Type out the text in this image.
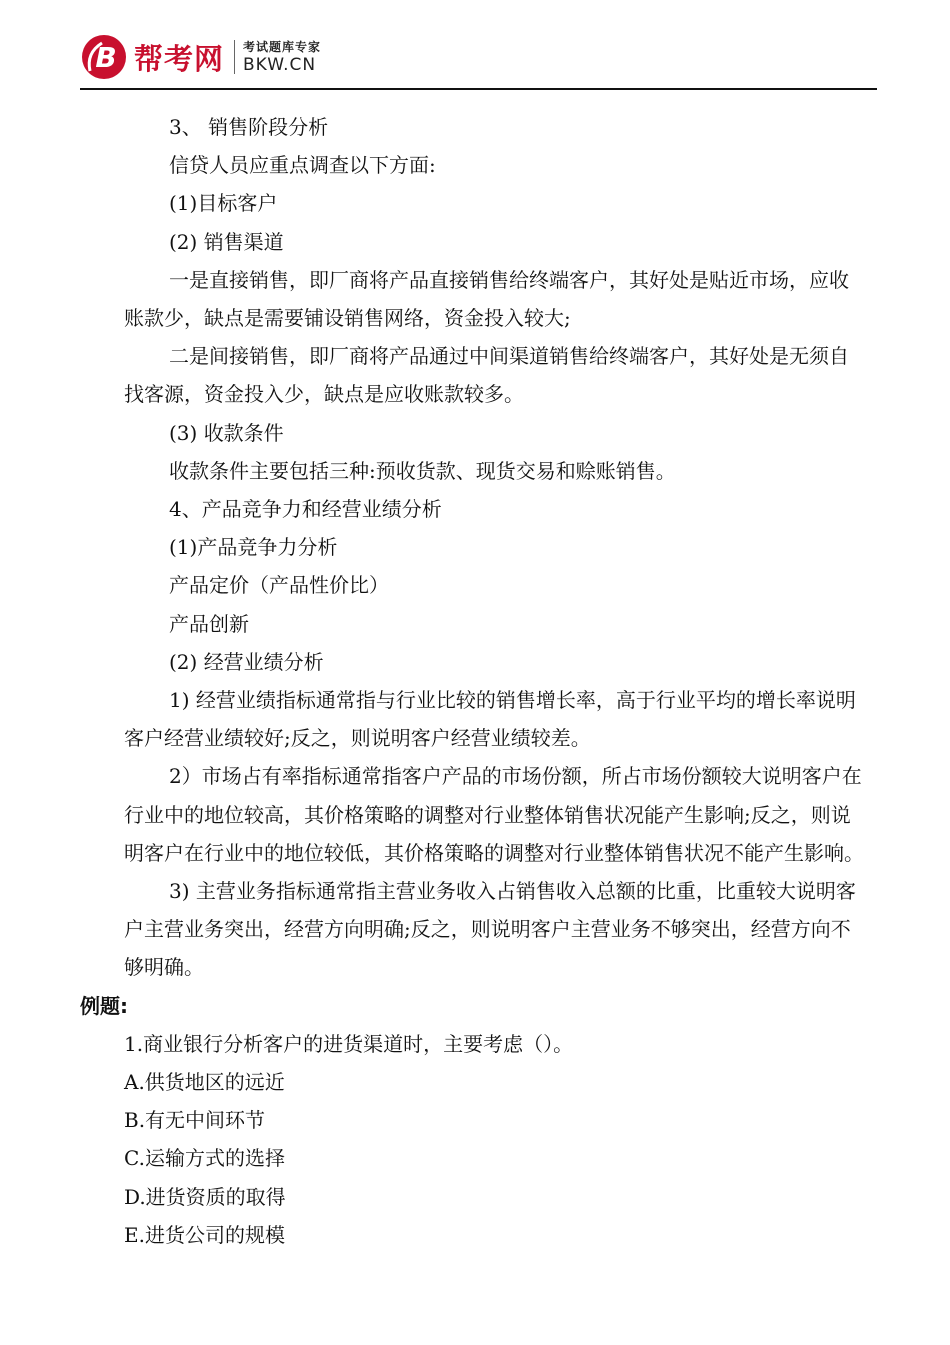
B 帮考网 考试题库专家
BKW.CN
3、 销售阶段分析
信贷人员应重点调查以下方面:
(1)目标客户
(2) 销售渠道
一是直接销售，即厂商将产品直接销售给终端客户，其好处是贴近市场，应收账款少，缺点是需要铺设销售网络，资金投入较大;
二是间接销售，即厂商将产品通过中间渠道销售给终端客户，其好处是无须自找客源，资金投入少，缺点是应收账款较多。
(3) 收款条件
收款条件主要包括三种:预收货款、现货交易和赊账销售。
4、产品竞争力和经营业绩分析
(1)产品竞争力分析
产品定价（产品性价比）
产品创新
(2) 经营业绩分析
1) 经营业绩指标通常指与行业比较的销售增长率，高于行业平均的增长率说明客户经营业绩较好;反之，则说明客户经营业绩较差。
2）市场占有率指标通常指客户产品的市场份额，所占市场份额较大说明客户在行业中的地位较高，其价格策略的调整对行业整体销售状况能产生影响;反之，则说明客户在行业中的地位较低，其价格策略的调整对行业整体销售状况不能产生影响。
3) 主营业务指标通常指主营业务收入占销售收入总额的比重，比重较大说明客户主营业务突出，经营方向明确;反之，则说明客户主营业务不够突出，经营方向不够明确。
例题:
1.商业银行分析客户的进货渠道时，主要考虑（）。
A.供货地区的远近
B.有无中间环节
C.运输方式的选择
D.进货资质的取得
E.进货公司的规模
